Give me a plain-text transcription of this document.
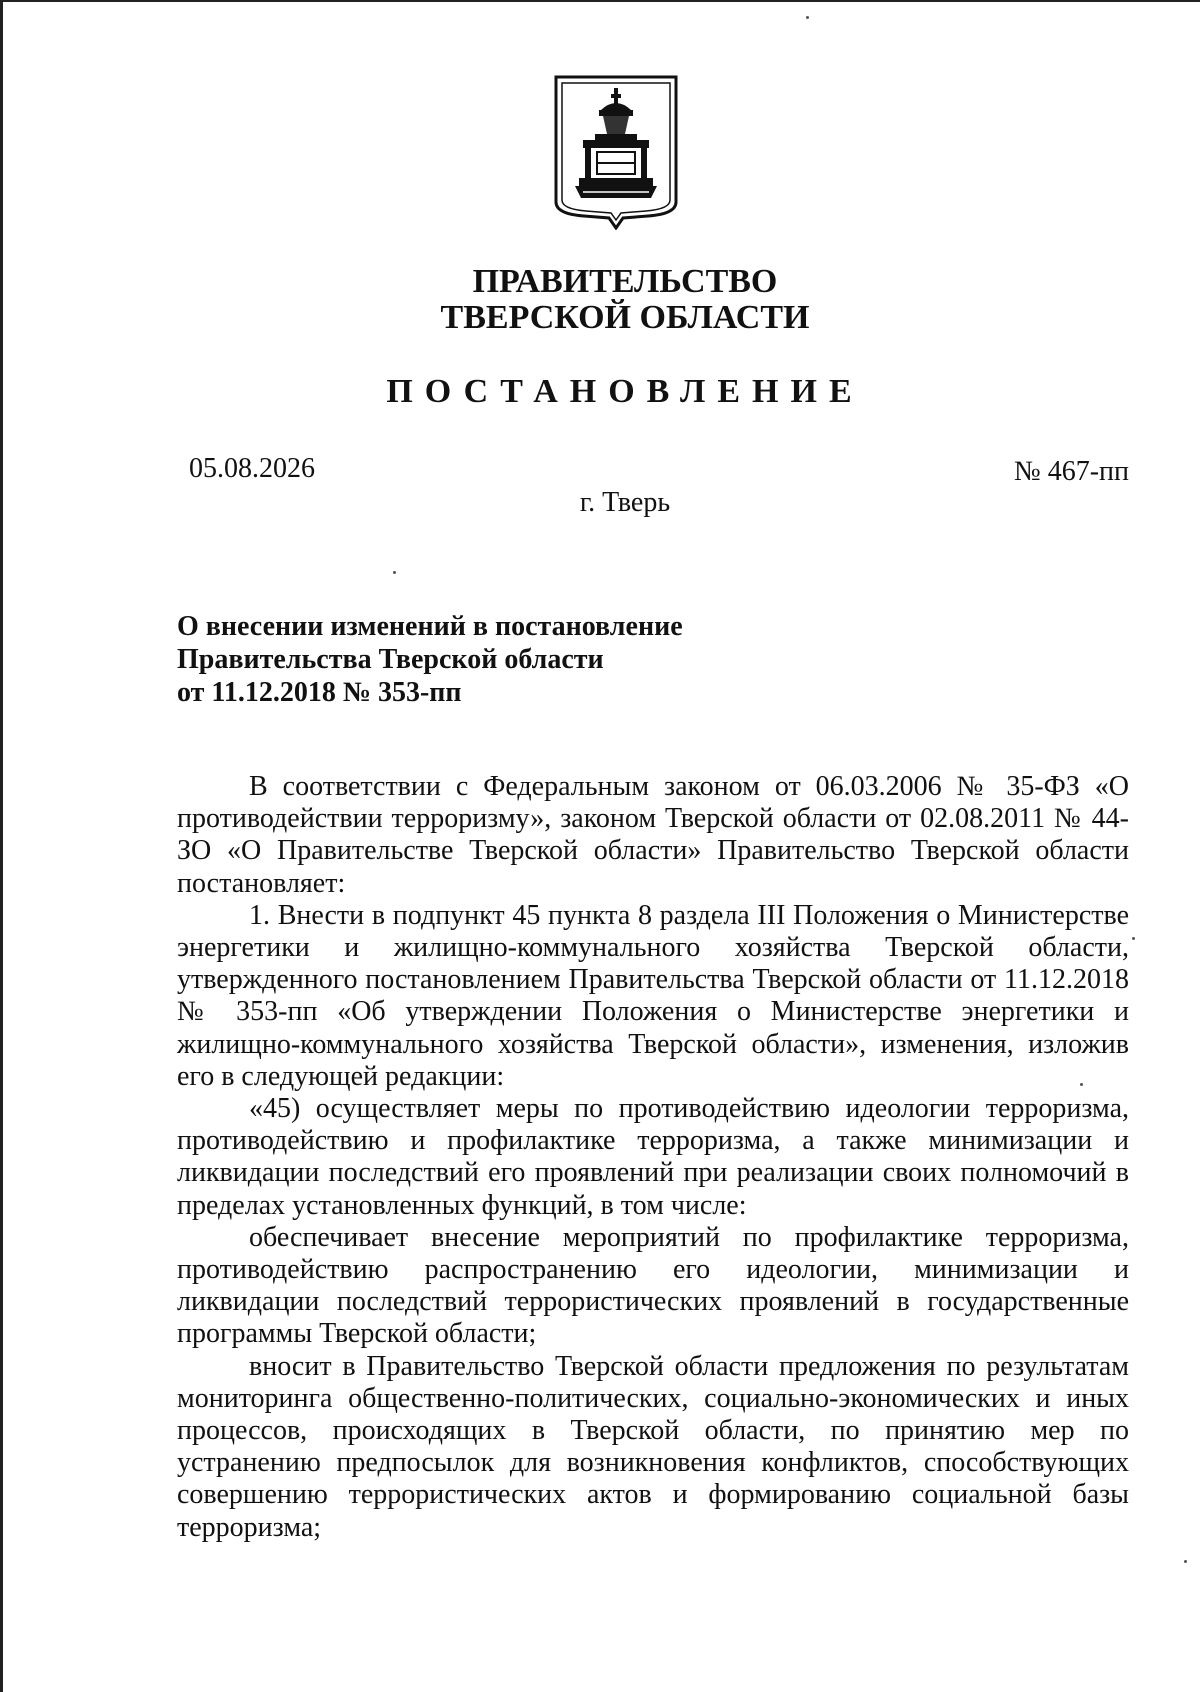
ПРАВИТЕЛЬСТВО
ТВЕРСКОЙ ОБЛАСТИ
ПОСТАНОВЛЕНИЕ
05.08.2026	№ 467-пп
г. Тверь
О внесении изменений в постановление
Правительства Тверской области
от 11.12.2018 № 353-пп

В соответствии с Федеральным законом от 06.03.2006 № 35-ФЗ «О противодействии терроризму», законом Тверской области от 02.08.2011 № 44-ЗО «О Правительстве Тверской области» Правительство Тверской области постановляет:

1. Внести в подпункт 45 пункта 8 раздела III Положения о Министерстве энергетики и жилищно-коммунального хозяйства Тверской области, утвержденного постановлением Правительства Тверской области от 11.12.2018 № 353-пп «Об утверждении Положения о Министерстве энергетики и жилищно-коммунального хозяйства Тверской области», изменения, изложив его в следующей редакции:

«45) осуществляет меры по противодействию идеологии терроризма, противодействию и профилактике терроризма, а также минимизации и ликвидации последствий его проявлений при реализации своих полномочий в пределах установленных функций, в том числе:

обеспечивает внесение мероприятий по профилактике терроризма, противодействию распространению его идеологии, минимизации и ликвидации последствий террористических проявлений в государственные программы Тверской области;

вносит в Правительство Тверской области предложения по результатам мониторинга общественно-политических, социально-экономических и иных процессов, происходящих в Тверской области, по принятию мер по устранению предпосылок для возникновения конфликтов, способствующих совершению террористических актов и формированию социальной базы терроризма;
